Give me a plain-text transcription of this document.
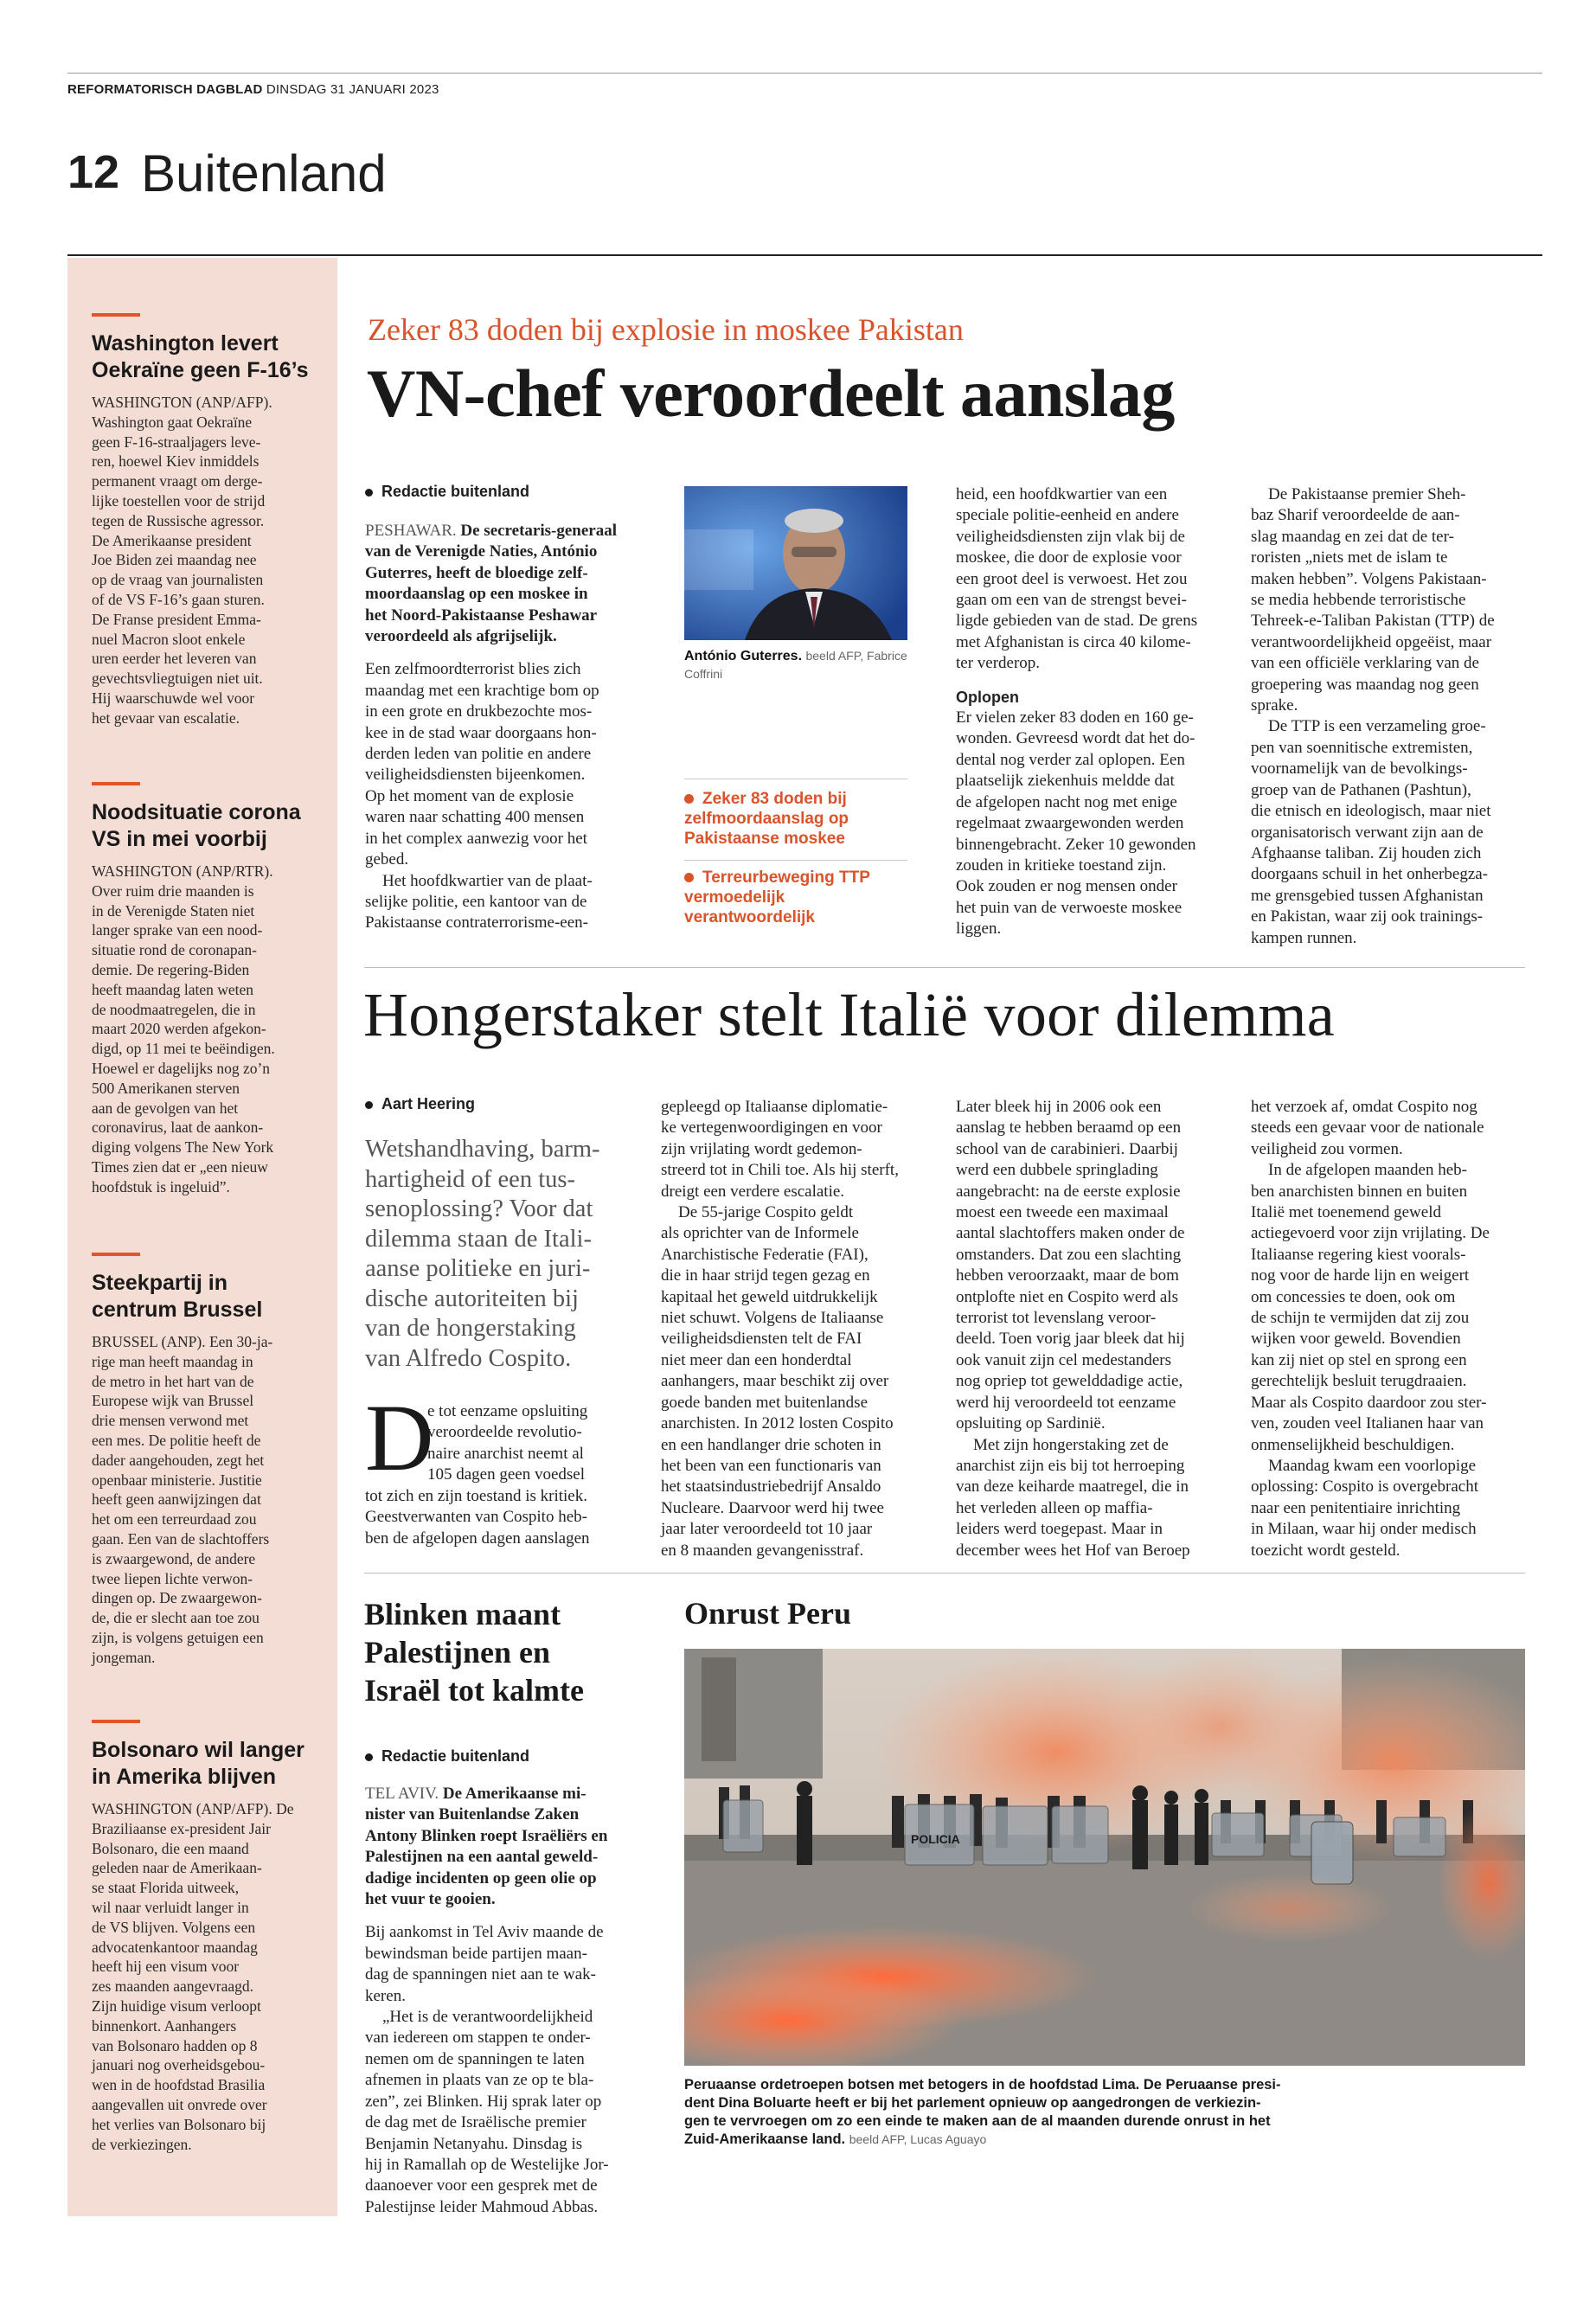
REFORMATORISCH DAGBLAD DINSDAG 31 JANUARI 2023
12 Buitenland
Washington levert Oekraïne geen F-16’s
WASHINGTON (ANP/AFP).
Washington gaat Oekraïne
geen F-16-straaljagers leve-
ren, hoewel Kiev inmiddels
permanent vraagt om derge-
lijke toestellen voor de strijd
tegen de Russische agressor.
De Amerikaanse president
Joe Biden zei maandag nee
op de vraag van journalisten
of de VS F-16’s gaan sturen.
De Franse president Emma-
nuel Macron sloot enkele
uren eerder het leveren van
gevechtsvliegtuigen niet uit.
Hij waarschuwde wel voor
het gevaar van escalatie.
Noodsituatie corona VS in mei voorbij
WASHINGTON (ANP/RTR).
Over ruim drie maanden is
in de Verenigde Staten niet
langer sprake van een nood-
situatie rond de coronapan-
demie. De regering-Biden
heeft maandag laten weten
de noodmaatregelen, die in
maart 2020 werden afgekon-
digd, op 11 mei te beëindigen.
Hoewel er dagelijks nog zo’n
500 Amerikanen sterven
aan de gevolgen van het
coronavirus, laat de aankon-
diging volgens The New York
Times zien dat er „een nieuw
hoofdstuk is ingeluid”.
Steekpartij in centrum Brussel
BRUSSEL (ANP). Een 30-ja-
rige man heeft maandag in
de metro in het hart van de
Europese wijk van Brussel
drie mensen verwond met
een mes. De politie heeft de
dader aangehouden, zegt het
openbaar ministerie. Justitie
heeft geen aanwijzingen dat
het om een terreurdaad zou
gaan. Een van de slachtoffers
is zwaargewond, de andere
twee liepen lichte verwon-
dingen op. De zwaargewon-
de, die er slecht aan toe zou
zijn, is volgens getuigen een
jongeman.
Bolsonaro wil langer in Amerika blijven
WASHINGTON (ANP/AFP). De
Braziliaanse ex-president Jair
Bolsonaro, die een maand
geleden naar de Amerikaan-
se staat Florida uitweek,
wil naar verluidt langer in
de VS blijven. Volgens een
advocatenkantoor maandag
heeft hij een visum voor
zes maanden aangevraagd.
Zijn huidige visum verloopt
binnenkort. Aanhangers
van Bolsonaro hadden op 8
januari nog overheidsgebou-
wen in de hoofdstad Brasilia
aangevallen uit onvrede over
het verlies van Bolsonaro bij
de verkiezingen.
Zeker 83 doden bij explosie in moskee Pakistan
VN-chef veroordeelt aanslag
Redactie buitenland
PESHAWAR. De secretaris-generaal
van de Verenigde Naties, António
Guterres, heeft de bloedige zelf-
moordaanslag op een moskee in
het Noord-Pakistaanse Peshawar
veroordeeld als afgrijselijk.
Een zelfmoordterrorist blies zich
maandag met een krachtige bom op
in een grote en drukbezochte mos-
kee in de stad waar doorgaans hon-
derden leden van politie en andere
veiligheidsdiensten bijeenkomen.
Op het moment van de explosie
waren naar schatting 400 mensen
in het complex aanwezig voor het
gebed.
Het hoofdkwartier van de plaat-
selijke politie, een kantoor van de
Pakistaanse contraterrorisme-een-
António Guterres. beeld AFP, Fabrice Coffrini
Zeker 83 doden bij zelfmoordaanslag op Pakistaanse moskee
Terreurbeweging TTP vermoedelijk verantwoordelijk
heid, een hoofdkwartier van een
speciale politie-eenheid en andere
veiligheidsdiensten zijn vlak bij de
moskee, die door de explosie voor
een groot deel is verwoest. Het zou
gaan om een van de strengst bevei-
ligde gebieden van de stad. De grens
met Afghanistan is circa 40 kilome-
ter verderop.
Oplopen
Er vielen zeker 83 doden en 160 ge-
wonden. Gevreesd wordt dat het do-
dental nog verder zal oplopen. Een
plaatselijk ziekenhuis meldde dat
de afgelopen nacht nog met enige
regelmaat zwaargewonden werden
binnengebracht. Zeker 10 gewonden
zouden in kritieke toestand zijn.
Ook zouden er nog mensen onder
het puin van de verwoeste moskee
liggen.
De Pakistaanse premier Sheh-
baz Sharif veroordeelde de aan-
slag maandag en zei dat de ter-
roristen „niets met de islam te
maken hebben”. Volgens Pakistaan-
se media hebbende terroristische
Tehreek-e-Taliban Pakistan (TTP) de
verantwoordelijkheid opgeëist, maar
van een officiële verklaring van de
groepering was maandag nog geen
sprake.
De TTP is een verzameling groe-
pen van soennitische extremisten,
voornamelijk van de bevolkings-
groep van de Pathanen (Pashtun),
die etnisch en ideologisch, maar niet
organisatorisch verwant zijn aan de
Afghaanse taliban. Zij houden zich
doorgaans schuil in het onherbegza-
me grensgebied tussen Afghanistan
en Pakistan, waar zij ook trainings-
kampen runnen.
Hongerstaker stelt Italië voor dilemma
Aart Heering
Wetshandhaving, barm-
hartigheid of een tus-
senoplossing? Voor dat
dilemma staan de Itali-
aanse politieke en juri-
dische autoriteiten bij
van de hongerstaking
van Alfredo Cospito.
D
e tot eenzame opsluiting
veroordeelde revolutio-
naire anarchist neemt al
105 dagen geen voedsel
tot zich en zijn toestand is kritiek.
Geestverwanten van Cospito heb-
ben de afgelopen dagen aanslagen
gepleegd op Italiaanse diplomatie-
ke vertegenwoordigingen en voor
zijn vrijlating wordt gedemon-
streerd tot in Chili toe. Als hij sterft,
dreigt een verdere escalatie.
De 55-jarige Cospito geldt
als oprichter van de Informele
Anarchistische Federatie (FAI),
die in haar strijd tegen gezag en
kapitaal het geweld uitdrukkelijk
niet schuwt. Volgens de Italiaanse
veiligheidsdiensten telt de FAI
niet meer dan een honderdtal
aanhangers, maar beschikt zij over
goede banden met buitenlandse
anarchisten. In 2012 losten Cospito
en een handlanger drie schoten in
het been van een functionaris van
het staatsindustriebedrijf Ansaldo
Nucleare. Daarvoor werd hij twee
jaar later veroordeeld tot 10 jaar
en 8 maanden gevangenisstraf.
Later bleek hij in 2006 ook een
aanslag te hebben beraamd op een
school van de carabinieri. Daarbij
werd een dubbele springlading
aangebracht: na de eerste explosie
moest een tweede een maximaal
aantal slachtoffers maken onder de
omstanders. Dat zou een slachting
hebben veroorzaakt, maar de bom
ontplofte niet en Cospito werd als
terrorist tot levenslang veroor-
deeld. Toen vorig jaar bleek dat hij
ook vanuit zijn cel medestanders
nog opriep tot gewelddadige actie,
werd hij veroordeeld tot eenzame
opsluiting op Sardinië.
Met zijn hongerstaking zet de
anarchist zijn eis bij tot herroeping
van deze keiharde maatregel, die in
het verleden alleen op maffia-
leiders werd toegepast. Maar in
december wees het Hof van Beroep
het verzoek af, omdat Cospito nog
steeds een gevaar voor de nationale
veiligheid zou vormen.
In de afgelopen maanden heb-
ben anarchisten binnen en buiten
Italië met toenemend geweld
actiegevoerd voor zijn vrijlating. De
Italiaanse regering kiest voorals-
nog voor de harde lijn en weigert
om concessies te doen, ook om
de schijn te vermijden dat zij zou
wijken voor geweld. Bovendien
kan zij niet op stel en sprong een
gerechtelijk besluit terugdraaien.
Maar als Cospito daardoor zou ster-
ven, zouden veel Italianen haar van
onmenselijkheid beschuldigen.
Maandag kwam een voorlopige
oplossing: Cospito is overgebracht
naar een penitentiaire inrichting
in Milaan, waar hij onder medisch
toezicht wordt gesteld.
Blinken maant
Palestijnen en
Israël tot kalmte
Redactie buitenland
TEL AVIV. De Amerikaanse mi-
nister van Buitenlandse Zaken
Antony Blinken roept Israëliërs en
Palestijnen na een aantal geweld-
dadige incidenten op geen olie op
het vuur te gooien.
Bij aankomst in Tel Aviv maande de
bewindsman beide partijen maan-
dag de spanningen niet aan te wak-
keren.
„Het is de verantwoordelijkheid
van iedereen om stappen te onder-
nemen om de spanningen te laten
afnemen in plaats van ze op te bla-
zen”, zei Blinken. Hij sprak later op
de dag met de Israëlische premier
Benjamin Netanyahu. Dinsdag is
hij in Ramallah op de Westelijke Jor-
daanoever voor een gesprek met de
Palestijnse leider Mahmoud Abbas.
Onrust Peru
POLICIA
Peruaanse ordetroepen botsen met betogers in de hoofdstad Lima. De Peruaanse presi-
dent Dina Boluarte heeft er bij het parlement opnieuw op aangedrongen de verkiezin-
gen te vervroegen om zo een einde te maken aan de al maanden durende onrust in het
Zuid-Amerikaanse land. beeld AFP, Lucas Aguayo
